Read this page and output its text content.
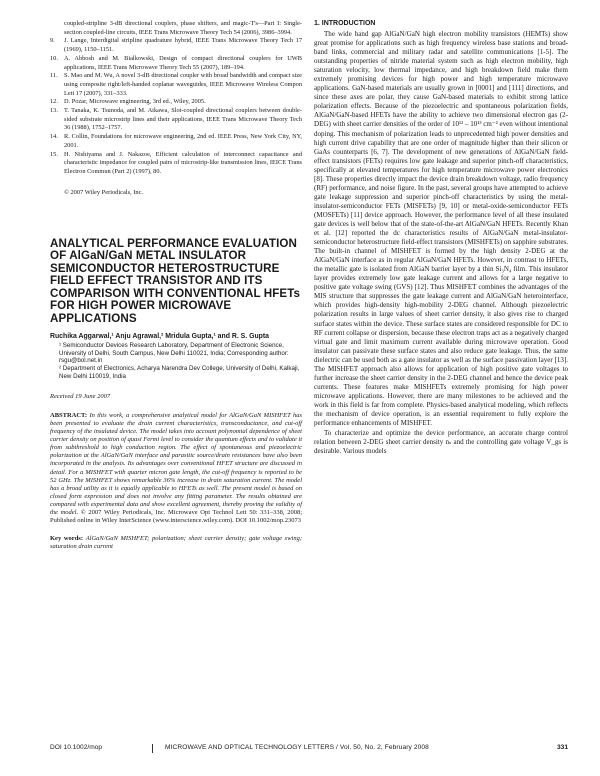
coupled-stripline 3-dB directional couplers, phase shifters, and magic-T's—Part I: Single-section coupled-line circuits, IEEE Trans Microwave Theory Tech 54 (2006), 3986–3994.
9.	J. Lange, Interdigital stripline quadrature hybrid, IEEE Trans Microwave Theory Tech 17 (1969), 1150–1151.
10. A. Abbosh and M. Bialkowski, Design of compact directional couplers for UWB applications, IEEE Trans Microwave Theory Tech 55 (2007), 189–194.
11. S. Mao and M. Wu, A novel 3-dB directional coupler with broad bandwidth and compact size using composite right/left-handed coplanar waveguides, IEEE Microwave Wireless Compon Lett 17 (2007), 331–333.
12. D. Pozar, Microwave engineering, 3rd ed., Wiley, 2005.
13. T. Tanaka, K. Tsunoda, and M. Aikawa, Slot-coupled directional couplers between double-sided substrate microstrip lines and their applications, IEEE Trans Microwave Theory Tech 36 (1988), 1752–1757.
14. R. Collin, Foundations for microwave engineering, 2nd ed. IEEE Press, New York City, NY, 2001.
15. H. Nishiyama and J. Nakazoe, Efficient calculation of interconnect capacitance and characteristic impedance for coupled pairs of microstrip-like transmission lines, IEICE Trans Electron Commun (Part 2) (1997), 80.
© 2007 Wiley Periodicals, Inc.
ANALYTICAL PERFORMANCE EVALUATION OF AlGaN/GaN METAL INSULATOR SEMICONDUCTOR HETEROSTRUCTURE FIELD EFFECT TRANSISTOR AND ITS COMPARISON WITH CONVENTIONAL HFETs FOR HIGH POWER MICROWAVE APPLICATIONS
Ruchika Aggarwal,¹ Anju Agrawal,² Mridula Gupta,¹ and R. S. Gupta

¹ Semiconductor Devices Research Laboratory, Department of Electronic Science, University of Delhi, South Campus, New Delhi 110021, India; Corresponding author: rsgu@bol.net.in

² Department of Electronics, Acharya Narendra Dev College, University of Delhi, Kalkaji, New Delhi 110019, India

Received 19 June 2007

ABSTRACT: In this work, a comprehensive analytical model for AlGaN/GaN MISHFET has been presented to evaluate the drain current characteristics, transconductance, and cut-off frequency of the insulated device. The model takes into account polynomial dependence of sheet carrier density on position of quasi Fermi level to consider the quantum effects and to validate it from subthreshold to high conduction region. The effect of spontaneous and piezoelectric polarization at the AlGaN/GaN interface and parasitic source/drain resistances have also been incorporated in the analysis. Its advantages over conventional HFET structure are discussed in detail. For a MISHFET with quarter micron gate length, the cut-off frequency is reported to be 52 GHz. The MISHFET shows remarkable 36% increase in drain saturation current. The model has a broad utility as it is equally applicable to HFETs as well. The present model is based on closed form expression and does not involve any fitting parameter. The results obtained are compared with experimental data and show excellent agreement, thereby proving the validity of the model. © 2007 Wiley Periodicals, Inc. Microwave Opt Technol Lett 50: 331–338, 2008; Published online in Wiley InterScience (www.interscience.wiley.com). DOI 10.1002/mop.23073

Key words: AlGaN/GaN MISHFET; polarization; sheet carrier density; gate voltage swing; saturation drain current
1. INTRODUCTION

The wide band gap AlGaN/GaN high electron mobility transistors (HEMTs) show great promise for applications such as high frequency wireless base stations and broad-band links, commercial and military radar and satellite communications [1-5]. The outstanding properties of nitride material system such as high electron mobility, high saturation velocity, low thermal impedance, and high breakdown field make them extremely promising devices for high power and high temperature microwave applications. GaN-based materials are usually grown in [0001] and [111] directions, and since these axes are polar, they cause GaN-based materials to exhibit strong lattice polarization effects. Because of the piezoelectric and spontaneous polarization fields, AlGaN/GaN-based HFETs have the ability to achieve two dimensional electron gas (2-DEG) with sheet carrier densities of the order of 10¹² – 10¹³ cm⁻² even without intentional doping. This mechanism of polarization leads to unprecedented high power densities and high current drive capability that are one order of magnitude higher than their silicon or GaAs counterparts [6, 7]. The development of new generations of AlGaN/GaN field-effect transistors (FETs) requires low gate leakage and superior pinch-off characteristics, specifically at elevated temperatures for high temperature microwave power electronics [8]. These properties directly impact the device drain breakdown voltage, radio frequency (RF) performance, and noise figure. In the past, several groups have attempted to achieve gate leakage suppression and superior pinch-off characteristics by using the metal-insulator-semiconductor FETs (MISFETs) [9, 10] or metal-oxide-semiconductor FETs (MOSFETs) [11] device approach. However, the performance level of all these insulated gate devices is well below that of the state-of-the-art AlGaN/GaN HFETs. Recently Khan et al. [12] reported the dc characteristics results of AlGaN/GaN metal-insulator-semiconductor heterostructure field-effect transistors (MISHFETs) on sapphire substrates. The built-in channel of MISHFET is formed by the high density 2-DEG at the AlGaN/GaN interface as in regular AlGaN/GaN HFETs. However, in contrast to HFETs, the metallic gate is isolated from AlGaN barrier layer by a thin Si₃N₄ film. This insulator layer provides extremely low gate leakage current and allows for a large negative to positive gate voltage swing (GVS) [12]. Thus MISHFET combines the advantages of the MIS structure that suppresses the gate leakage current and AlGaN/GaN heterointerface, which provides high-density high-mobility 2-DEG channel. Although piezoelectric polarization results in large values of sheet carrier density, it also gives rise to charged surface states within the device. These surface states are considered responsible for DC to RF current collapse or dispersion, because these electron traps act as a negatively charged virtual gate and limit maximum current available during microwave operation. Good insulator can passivate these surface states and also reduce gate leakage. Thus, the same dielectric can be used both as a gate insulator as well as the surface passivation layer [13]. The MISHFET approach also allows for application of high positive gate voltages to further increase the sheet carrier density in the 2-DEG channel and hence the device peak currents. These features make MISHFETs extremely promising for high power microwave applications. However, there are many milestones to be achieved and the work in this field is far from complete. Physics-based analytical modeling, which reflects the mechanism of device operation, is an essential requirement to fully explore the performance enhancements of MISHFET.

To characterize and optimize the device performance, an accurate charge control relation between 2-DEG sheet carrier density nₛ and the controlling gate voltage V_gs is desirable. Various models

DOI 10.1002/mop	MICROWAVE AND OPTICAL TECHNOLOGY LETTERS / Vol. 50, No. 2, February 2008	331
